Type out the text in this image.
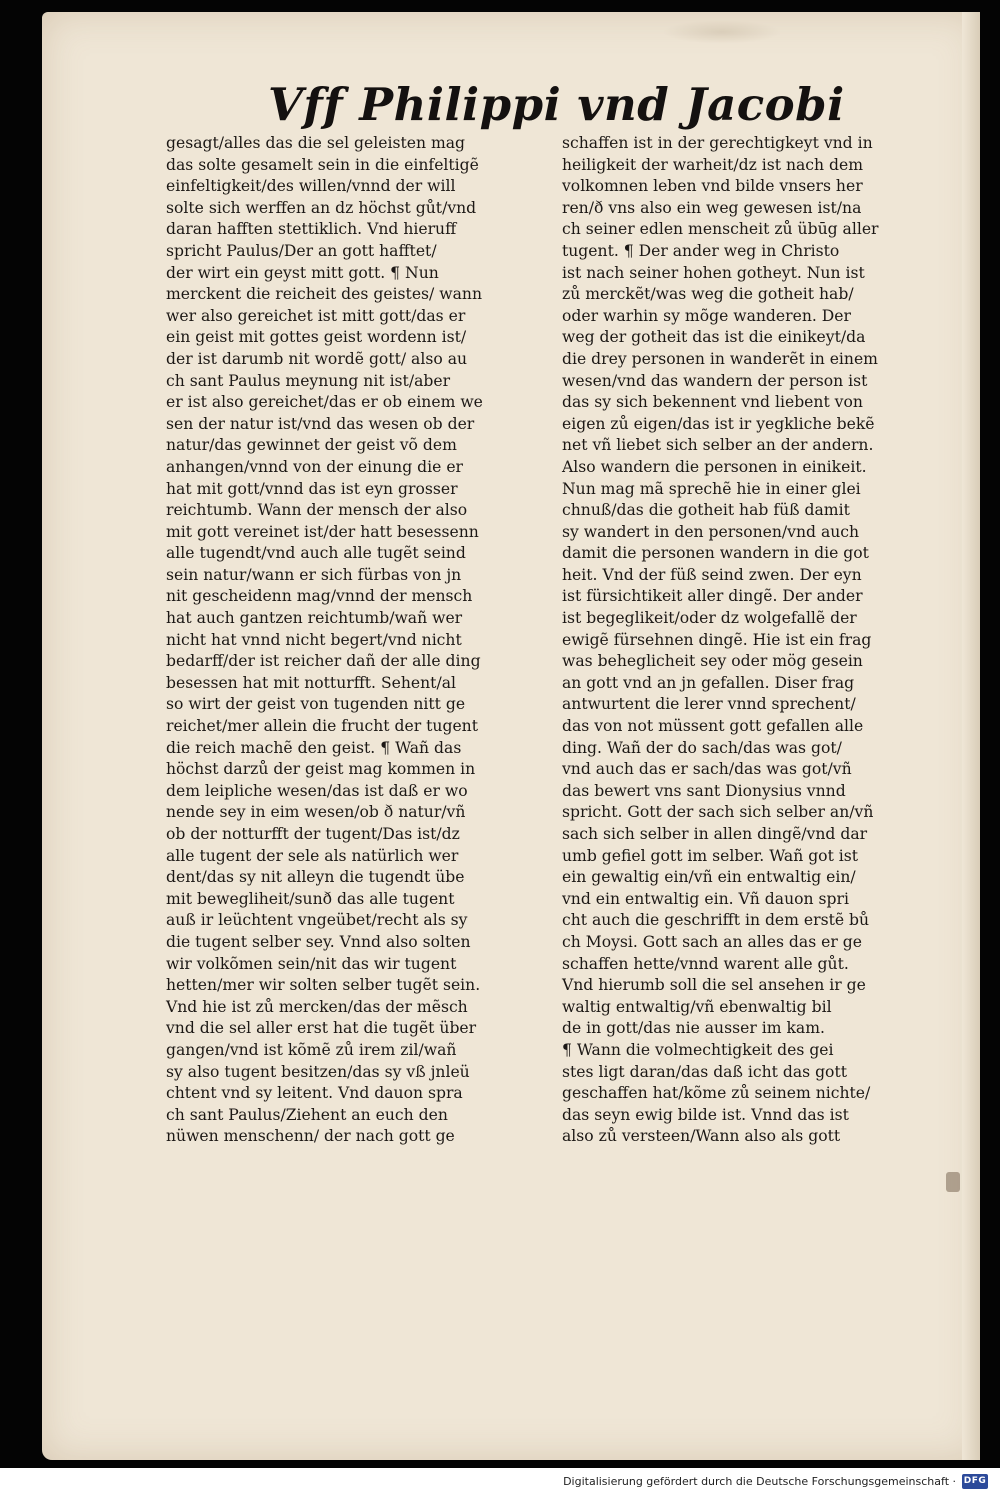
Vff Philippi vnd Jacobi
gesagt/alles das die sel geleisten mag
das solte gesamelt sein in die einfeltigẽ
einfeltigkeit/des willen/vnnd der will
solte sich werffen an dz höchst gůt/vnd
daran hafften stettiklich. Vnd hieruff
spricht Paulus/Der an gott hafftet/
der wirt ein geyst mitt gott. ¶ Nun
merckent die reicheit des geistes/ wann
wer also gereichet ist mitt gott/das er
ein geist mit gottes geist wordenn ist/
der ist darumb nit wordẽ gott/ also au
ch sant Paulus meynung nit ist/aber
er ist also gereichet/das er ob einem we
sen der natur ist/vnd das wesen ob der
natur/das gewinnet der geist võ dem
anhangen/vnnd von der einung die er
hat mit gott/vnnd das ist eyn grosser
reichtumb. Wann der mensch der also
mit gott vereinet ist/der hatt besessenn
alle tugendt/vnd auch alle tugẽt seind
sein natur/wann er sich fürbas von jn
nit gescheidenn mag/vnnd der mensch
hat auch gantzen reichtumb/wañ wer
nicht hat vnnd nicht begert/vnd nicht
bedarff/der ist reicher dañ der alle ding
besessen hat mit notturfft. Sehent/al
so wirt der geist von tugenden nitt ge
reichet/mer allein die frucht der tugent
die reich machẽ den geist. ¶ Wañ das
höchst darzů der geist mag kommen in
dem leipliche wesen/das ist daß er wo
nende sey in eim wesen/ob ð natur/vñ
ob der notturfft der tugent/Das ist/dz
alle tugent der sele als natürlich wer
dent/das sy nit alleyn die tugendt übe
mit bewegliheit/sunð das alle tugent
auß ir leüchtent vngeübet/recht als sy
die tugent selber sey. Vnnd also solten
wir volkõmen sein/nit das wir tugent
hetten/mer wir solten selber tugẽt sein.
Vnd hie ist zů mercken/das der mẽsch
vnd die sel aller erst hat die tugẽt über
gangen/vnd ist kõmẽ zů irem zil/wañ
sy also tugent besitzen/das sy vß jnleü
chtent vnd sy leitent. Vnd dauon spra
ch sant Paulus/Ziehent an euch den
nüwen menschenn/ der nach gott ge
schaffen ist in der gerechtigkeyt vnd in
heiligkeit der warheit/dz ist nach dem
volkomnen leben vnd bilde vnsers her
ren/ð vns also ein weg gewesen ist/na
ch seiner edlen menscheit zů übūg aller
tugent. ¶ Der ander weg in Christo
ist nach seiner hohen gotheyt. Nun ist
zů merckẽt/was weg die gotheit hab/
oder warhin sy mõge wanderen. Der
weg der gotheit das ist die einikeyt/da
die drey personen in wanderẽt in einem
wesen/vnd das wandern der person ist
das sy sich bekennent vnd liebent von
eigen zů eigen/das ist ir yegkliche bekẽ
net vñ liebet sich selber an der andern.
Also wandern die personen in einikeit.
Nun mag mã sprechẽ hie in einer glei
chnuß/das die gotheit hab füß damit
sy wandert in den personen/vnd auch
damit die personen wandern in die got
heit. Vnd der füß seind zwen. Der eyn
ist fürsichtikeit aller dingẽ. Der ander
ist begeglikeit/oder dz wolgefallẽ der
ewigẽ fürsehnen dingẽ. Hie ist ein frag
was beheglicheit sey oder mög gesein
an gott vnd an jn gefallen. Diser frag
antwurtent die lerer vnnd sprechent/
das von not müssent gott gefallen alle
ding. Wañ der do sach/das was got/
vnd auch das er sach/das was got/vñ
das bewert vns sant Dionysius vnnd
spricht. Gott der sach sich selber an/vñ
sach sich selber in allen dingẽ/vnd dar
umb gefiel gott im selber. Wañ got ist
ein gewaltig ein/vñ ein entwaltig ein/
vnd ein entwaltig ein. Vñ dauon spri
cht auch die geschrifft in dem erstẽ bů
ch Moysi. Gott sach an alles das er ge
schaffen hette/vnnd warent alle gůt.
Vnd hierumb soll die sel ansehen ir ge
waltig entwaltig/vñ ebenwaltig bil
de in gott/das nie ausser im kam.
¶ Wann die volmechtigkeit des gei
stes ligt daran/das daß icht das gott
geschaffen hat/kõme zů seinem nichte/
das seyn ewig bilde ist. Vnnd das ist
also zů versteen/Wann also als gott

Digitalisierung gefördert durch die Deutsche Forschungsgemeinschaft · DFG
